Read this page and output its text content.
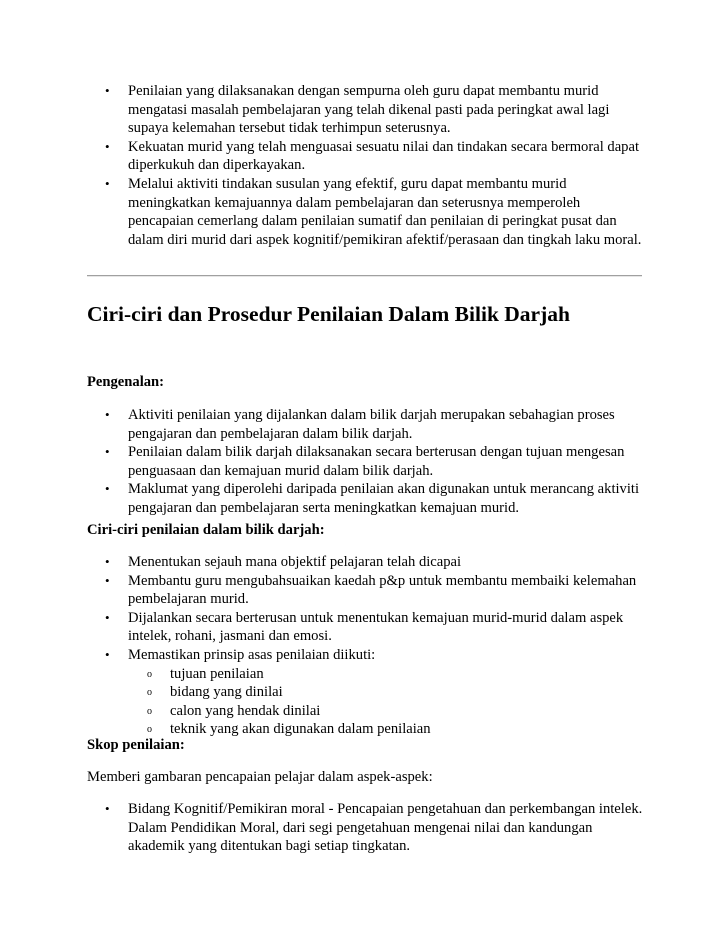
• Penilaian yang dilaksanakan dengan sempurna oleh guru dapat membantu murid mengatasi masalah pembelajaran yang telah dikenal pasti pada peringkat awal lagi supaya kelemahan tersebut tidak terhimpun seterusnya.
• Kekuatan murid yang telah menguasai sesuatu nilai dan tindakan secara bermoral dapat diperkukuh dan diperkayakan.
• Melalui aktiviti tindakan susulan yang efektif, guru dapat membantu murid meningkatkan kemajuannya dalam pembelajaran dan seterusnya memperoleh pencapaian cemerlang dalam penilaian sumatif dan penilaian di peringkat pusat dan dalam diri murid dari aspek kognitif/pemikiran afektif/perasaan dan tingkah laku moral.
Ciri-ciri dan Prosedur Penilaian Dalam Bilik Darjah
Pengenalan:
• Aktiviti penilaian yang dijalankan dalam bilik darjah merupakan sebahagian proses pengajaran dan pembelajaran dalam bilik darjah.
• Penilaian dalam bilik darjah dilaksanakan secara berterusan dengan tujuan mengesan penguasaan dan kemajuan murid dalam bilik darjah.
• Maklumat yang diperolehi daripada penilaian akan digunakan untuk merancang aktiviti pengajaran dan pembelajaran serta meningkatkan kemajuan murid.
Ciri-ciri penilaian dalam bilik darjah:
• Menentukan sejauh mana objektif pelajaran telah dicapai
• Membantu guru mengubahsuaikan kaedah p&p untuk membantu membaiki kelemahan pembelajaran murid.
• Dijalankan secara berterusan untuk menentukan kemajuan murid-murid dalam aspek intelek, rohani, jasmani dan emosi.
• Memastikan prinsip asas penilaian diikuti:
o tujuan penilaian
o bidang yang dinilai
o calon yang hendak dinilai
o teknik yang akan digunakan dalam penilaian
Skop penilaian:
Memberi gambaran pencapaian pelajar dalam aspek-aspek:
• Bidang Kognitif/Pemikiran moral - Pencapaian pengetahuan dan perkembangan intelek. Dalam Pendidikan Moral, dari segi pengetahuan mengenai nilai dan kandungan akademik yang ditentukan bagi setiap tingkatan.
